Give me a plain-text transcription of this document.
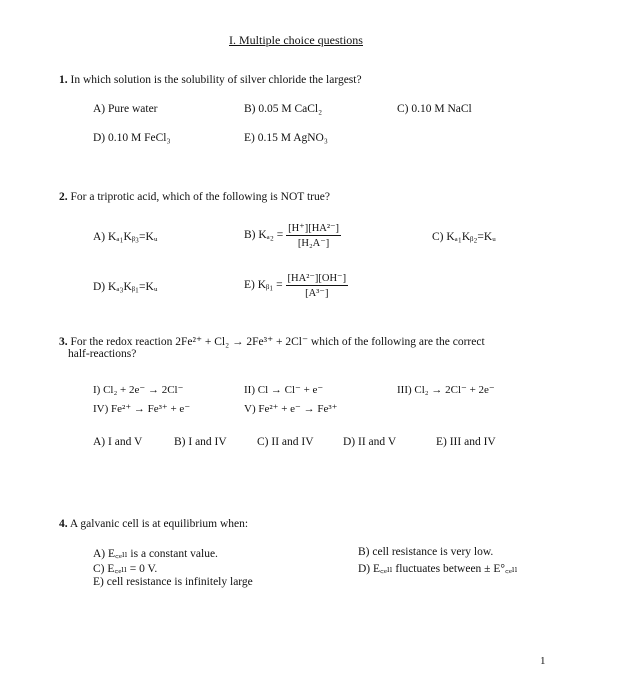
I. Multiple choice questions
1. In which solution is the solubility of silver chloride the largest?
A) Pure water	B) 0.05 M CaCl₂	C) 0.10 M NaCl
D) 0.10 M FeCl₃	E) 0.15 M AgNO₃
2. For a triprotic acid, which of the following is NOT true?
A) Kₐ₁Kᵦ₃=Kᵤ	B) $K_{a2} = \frac{\text{[H⁺][HA²⁻]}}{\text{[H₂A⁻]}}$	C) Kₐ₁Kᵦ₂=Kᵤ
D) Kₐ₃Kᵦ₁=Kᵤ	E) Kᵦ₁ = $\frac{\text{[HA²⁻][OH⁻]}}{\text{[A³⁻]}}$
3. For the redox reaction 2Fe²⁺ + Cl₂ → 2Fe³⁺ + 2Cl⁻ which of the following are the correct
half-reactions?
I) Cl₂ + 2e⁻ → 2Cl⁻	II) Cl → Cl⁻ + e⁻	III) Cl₂ → 2Cl⁻ + 2e⁻
IV) Fe²⁺ → Fe³⁺ + e⁻	V) Fe²⁺ + e⁻ → Fe³⁺
A) I and V	B) I and IV	C) II and IV	D) II and V	E) III and IV
4. A galvanic cell is at equilibrium when:
A) E꜀ₑₗₗ is a constant value.	B) cell resistance is very low.
C) E꜀ₑₗₗ = 0 V.	D) E꜀ₑₗₗ fluctuates between ± E°꜀ₑₗₗ
E) cell resistance is infinitely large
1
